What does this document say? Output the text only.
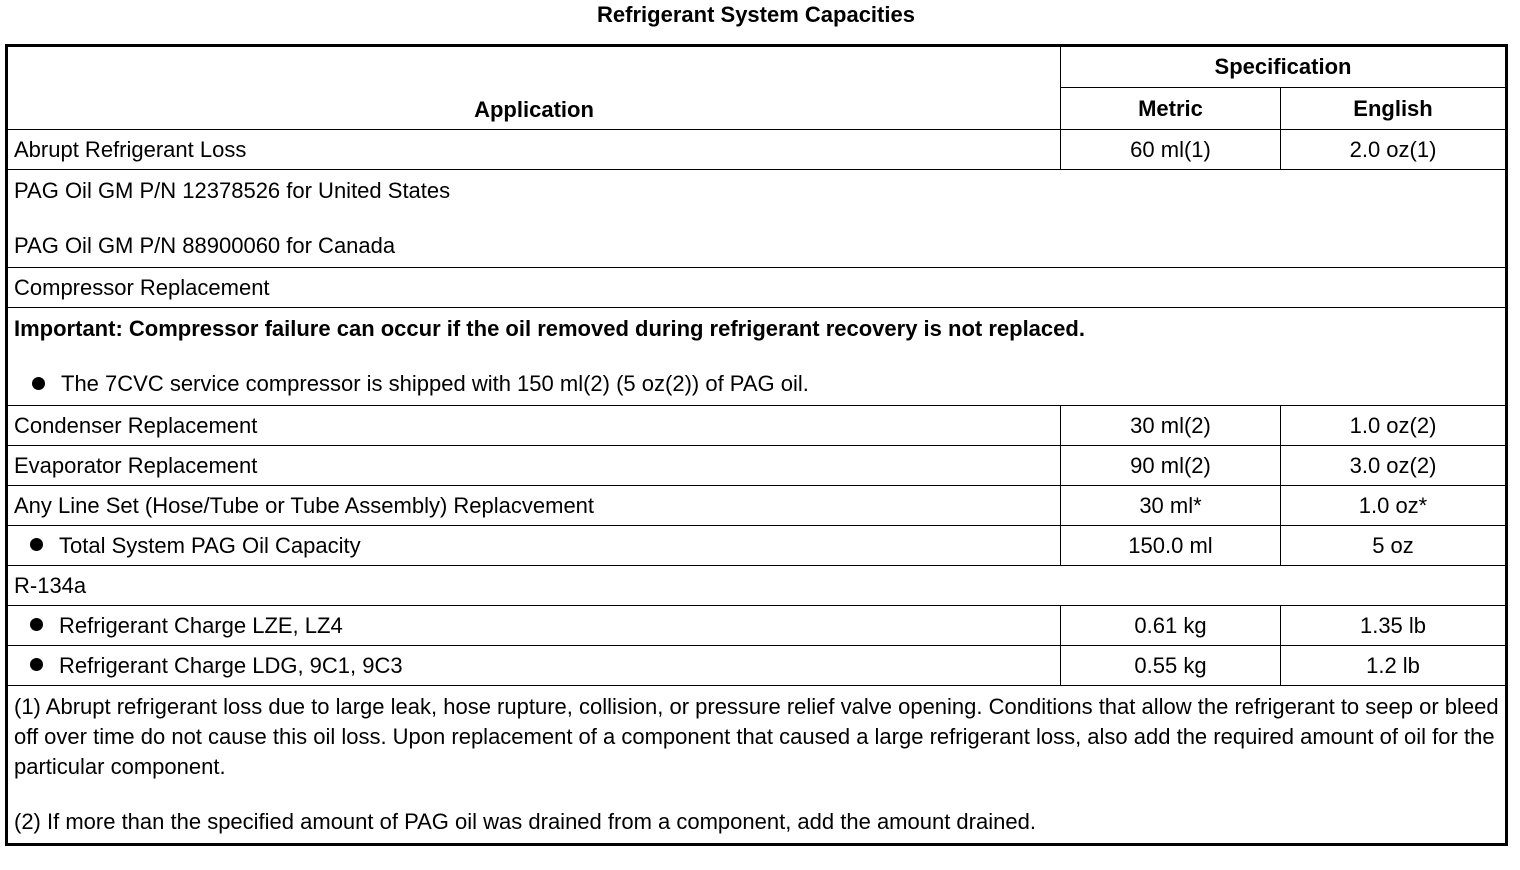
Refrigerant System Capacities
Application	Specification	
	Metric	English
Abrupt Refrigerant Loss	60 ml(1)	2.0 oz(1)

PAG Oil GM P/N 12378526 for United States
PAG Oil GM P/N 88900060 for Canada		

Compressor Replacement		

Important: Compressor failure can occur if the oil removed during refrigerant recovery is not replaced.
The 7CVC service compressor is shipped with 150 ml(2) (5 oz(2)) of PAG oil.		

Condenser Replacement	30 ml(2)	1.0 oz(2)
Evaporator Replacement	90 ml(2)	3.0 oz(2)
Any Line Set (Hose/Tube or Tube Assembly) Replacvement	30 ml*	1.0 oz*
Total System PAG Oil Capacity	150.0 ml	5 oz
R-134a		
Refrigerant Charge LZE, LZ4	0.61 kg	1.35 lb
Refrigerant Charge LDG, 9C1, 9C3	0.55 kg	1.2 lb

(1) Abrupt refrigerant loss due to large leak, hose rupture, collision, or pressure relief valve opening. Conditions that allow the refrigerant to seep or bleed off over time do not cause this oil loss. Upon replacement of a component that caused a large refrigerant loss, also add the required amount of oil for the particular component.
(2) If more than the specified amount of PAG oil was drained from a component, add the amount drained.		
